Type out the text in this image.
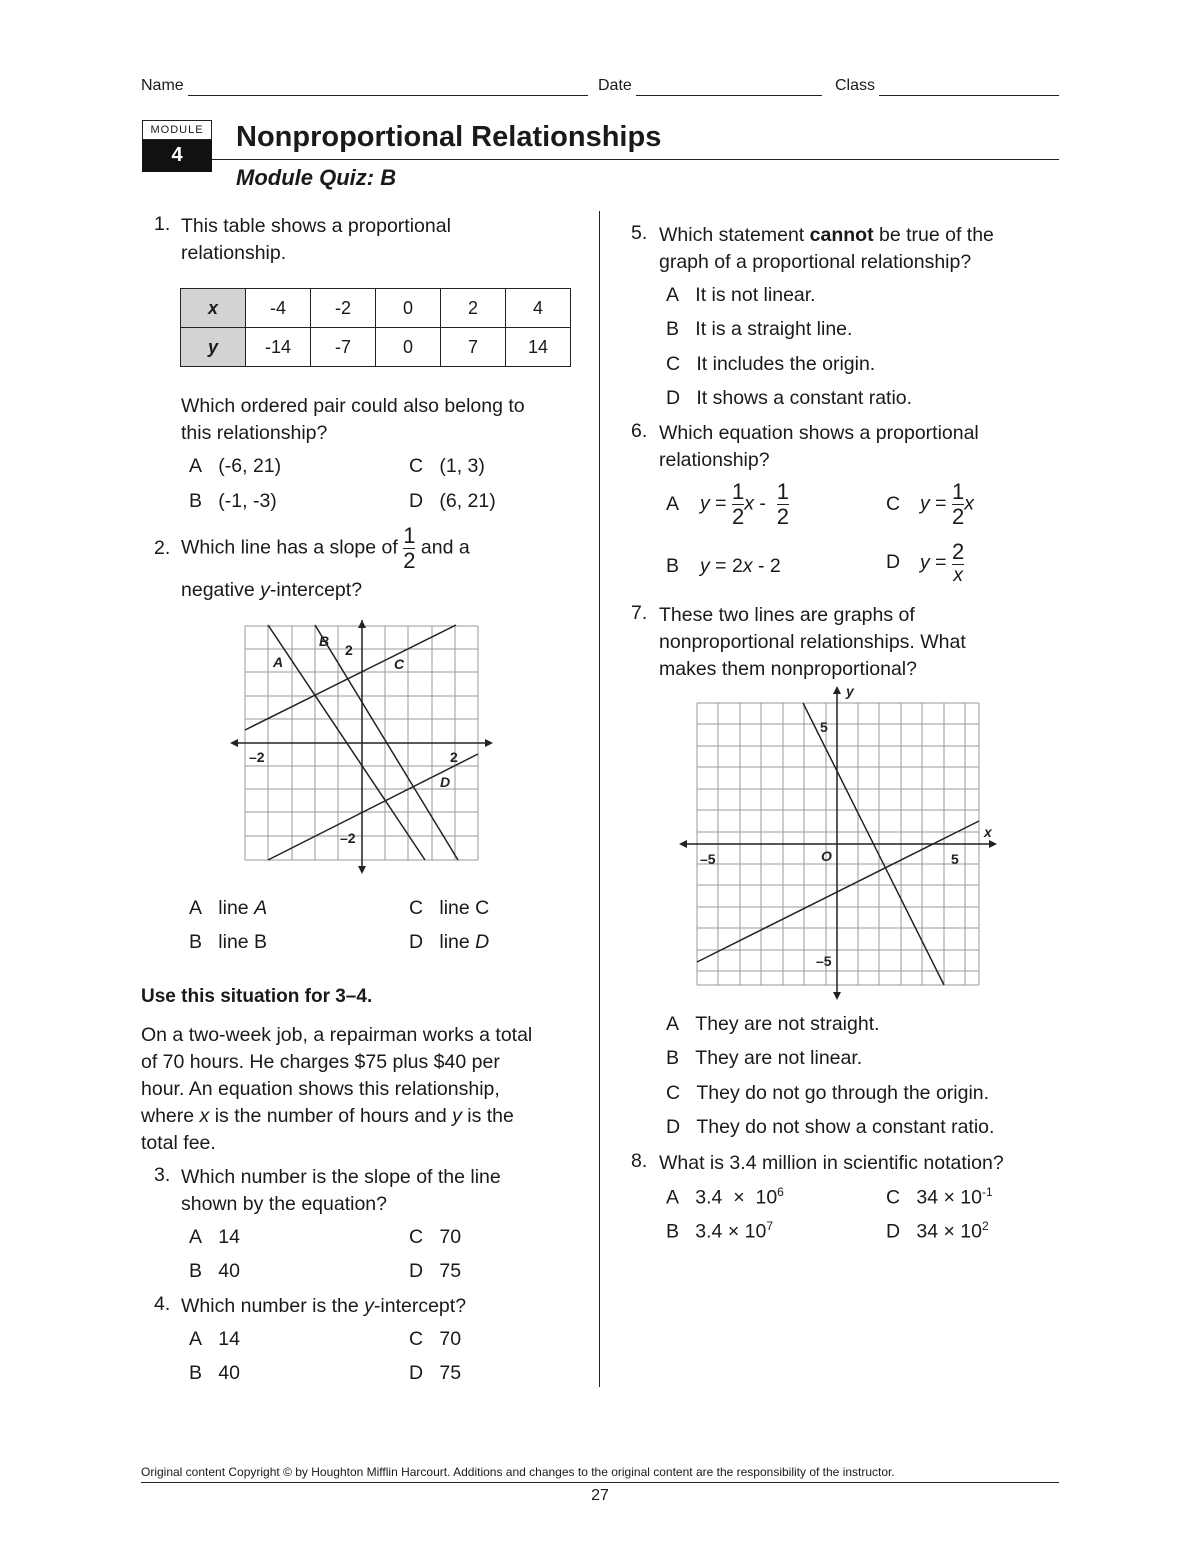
Name	Date	Class
MODULE
4
Nonproportional Relationships
Module Quiz: B
1. This table shows a proportional
relationship.
x	-4	-2	0	2	4
y	-14	-7	0	7	14
Which ordered pair could also belong to
this relationship?
A (-6, 21)
B (-1, -3)
C (1, 3)
D (6, 21)
2. Which line has a slope of $\frac{1}{2}$ and a
negative y-intercept?
A
B
C
D
2
–2
–2	2
A line A
B line B
C line C
D line D
Use this situation for 3–4.
On a two-week job, a repairman works a total
of 70 hours. He charges $75 plus $40 per
hour. An equation shows this relationship,
where x is the number of hours and y is the
total fee.
3. Which number is the slope of the line
shown by the equation?
A 14
B 40
C 70
D 75
4. Which number is the y-intercept?
A 14
B 40
C 70
D 75
5. Which statement cannot be true of the
graph of a proportional relationship?
A It is not linear.
B It is a straight line.
C It includes the origin.
D It shows a constant ratio.
6. Which equation shows a proportional
relationship?
A $y = \frac{1}{2}$ x - $\frac{1}{2}$
B y = 2x - 2
C $y = \frac{1}{2}$ x
D $y = \frac{2}{x}$
7. These two lines are graphs of
nonproportional relationships. What
makes them nonproportional?
y
x
O
5
–5
–5	5
A They are not straight.
B They are not linear.
C They do not go through the origin.
D They do not show a constant ratio.
8. What is 3.4 million in scientific notation?
A $3.4 \times 10^6$
B $3.4 \times 10^7$
C $34 \times 10^{-1}$
D $34 \times 10^2$
Original content Copyright © by Houghton Mifflin Harcourt. Additions and changes to the original content are the responsibility of the instructor.
27
